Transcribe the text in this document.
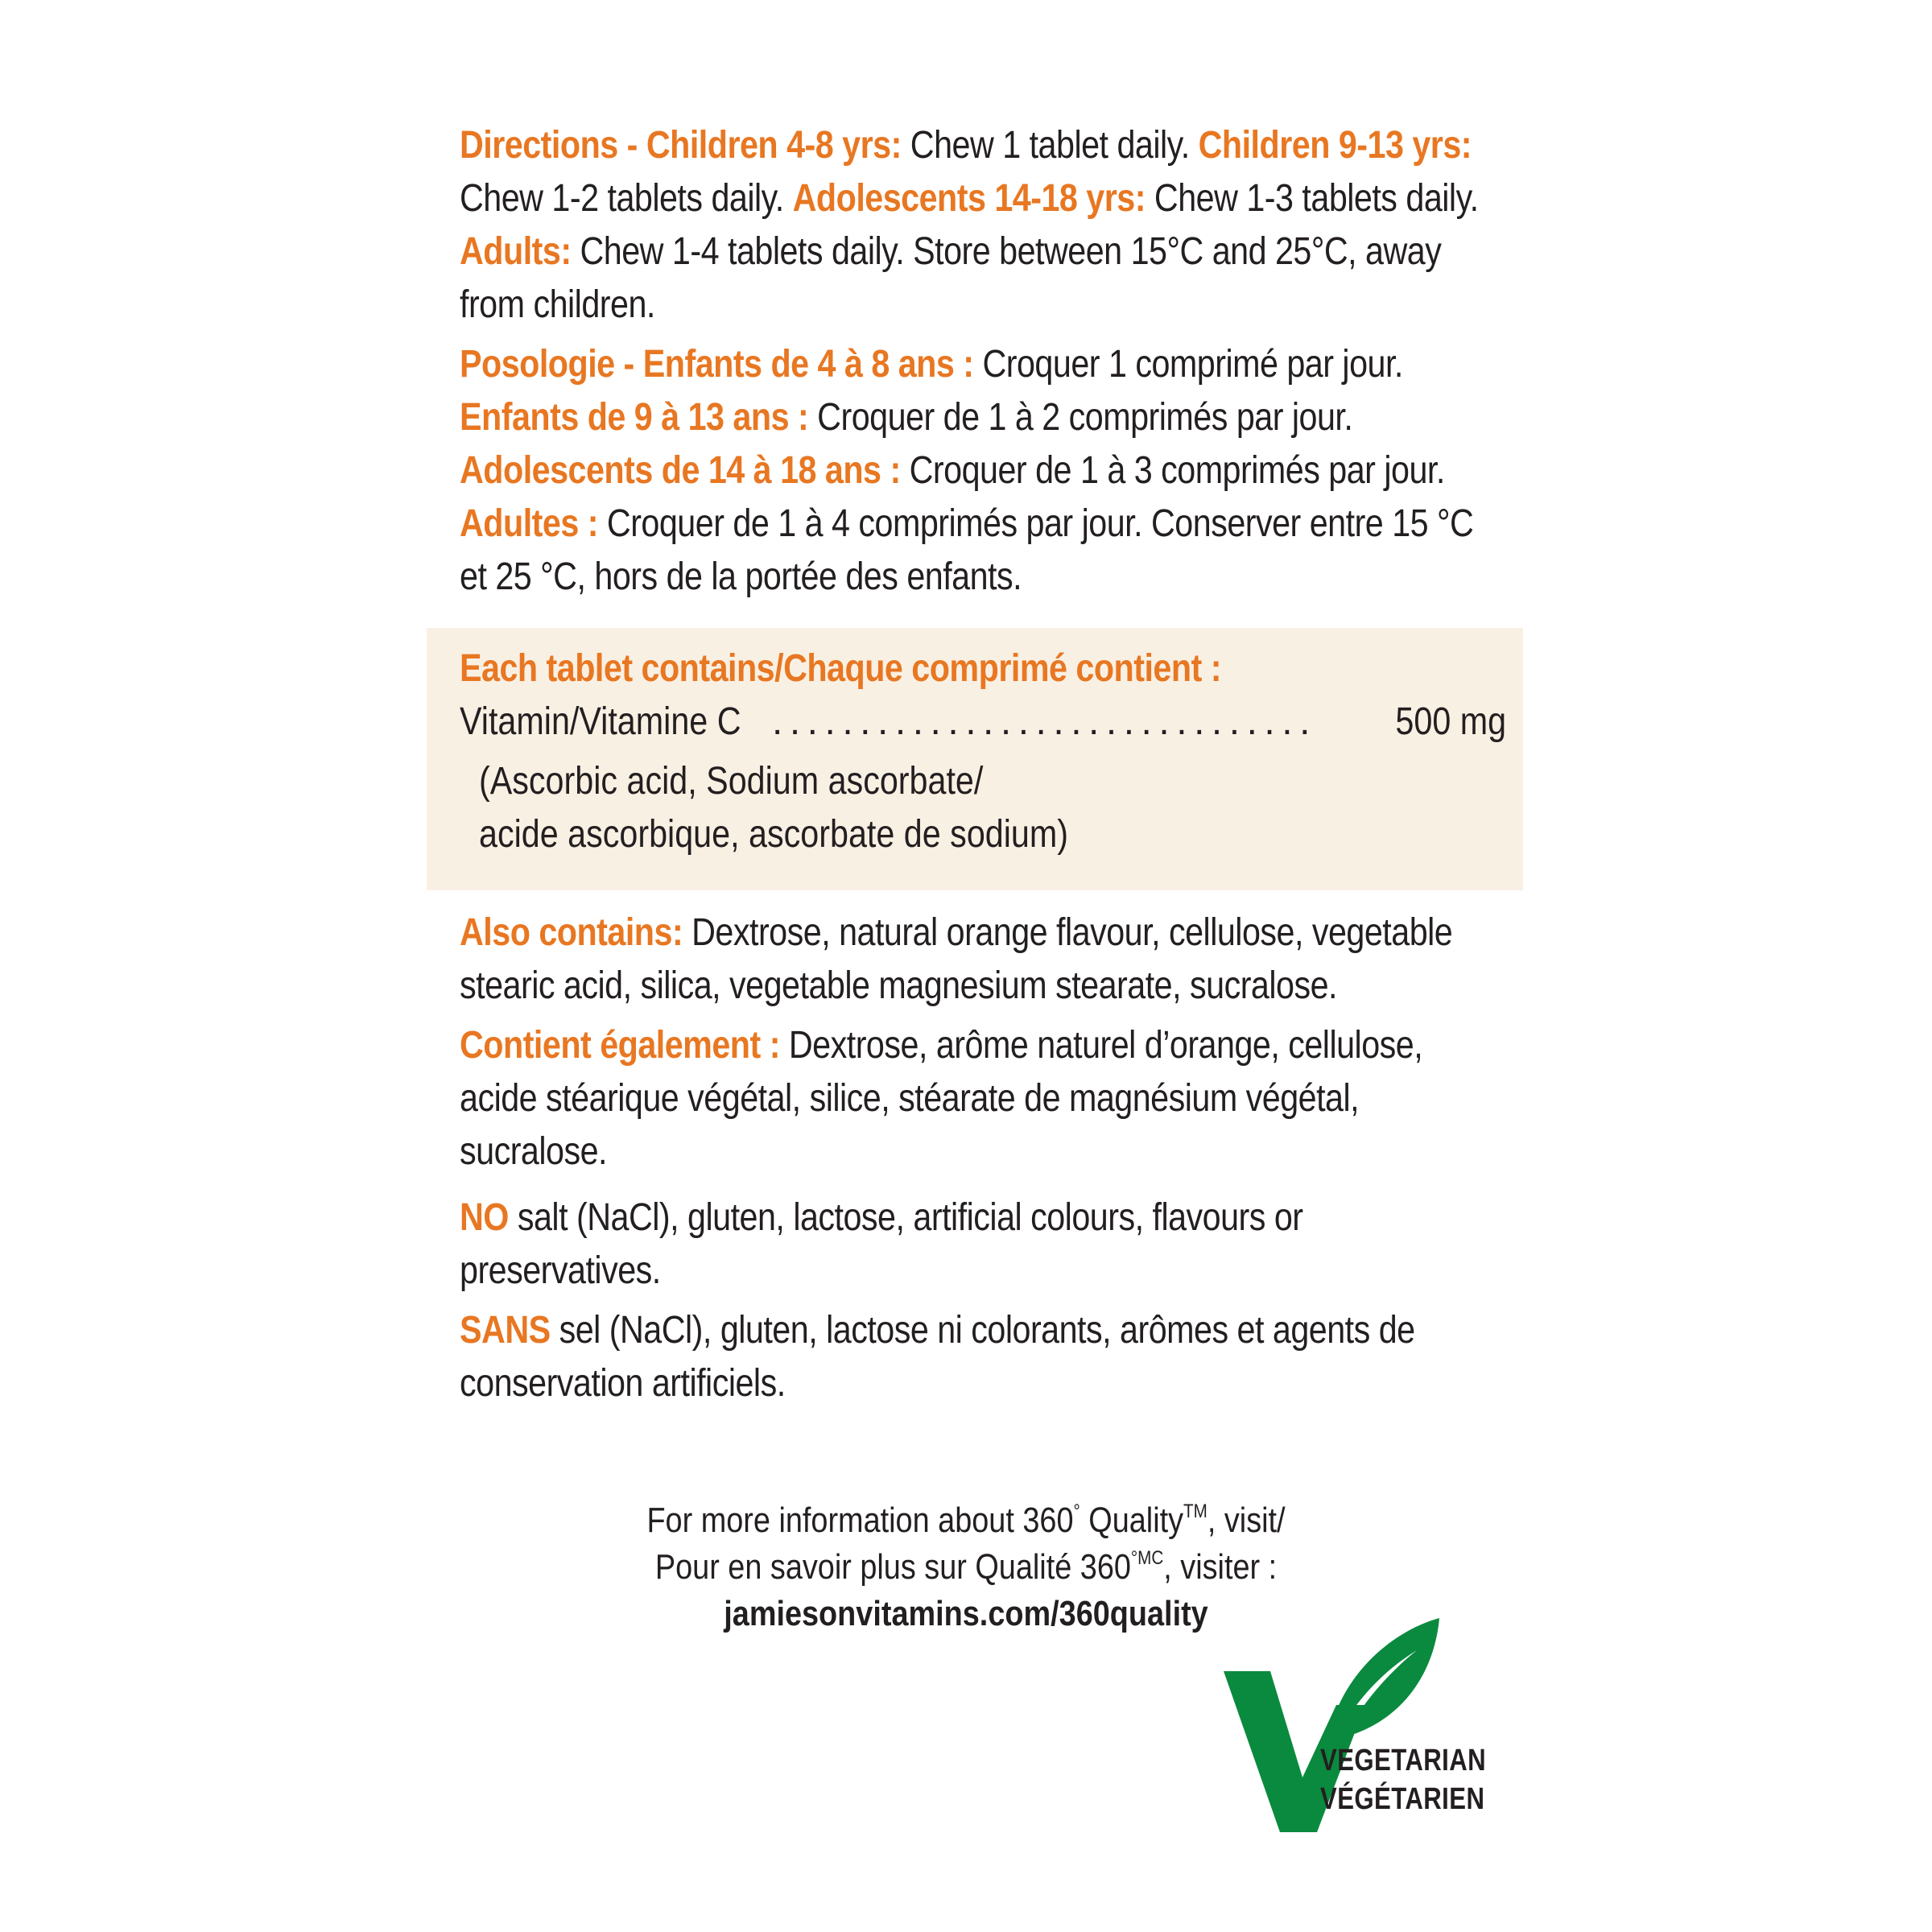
Directions - Children 4-8 yrs: Chew 1 tablet daily. Children 9-13 yrs: Chew 1-2 tablets daily. Adolescents 14-18 yrs: Chew 1-3 tablets daily. Adults: Chew 1-4 tablets daily. Store between 15°C and 25°C, away from children.

Posologie - Enfants de 4 à 8 ans : Croquer 1 comprimé par jour. Enfants de 9 à 13 ans : Croquer de 1 à 2 comprimés par jour. Adolescents de 14 à 18 ans : Croquer de 1 à 3 comprimés par jour. Adultes : Croquer de 1 à 4 comprimés par jour. Conserver entre 15 °C et 25 °C, hors de la portée des enfants.

Each tablet contains/Chaque comprimé contient :

Vitamin/Vitamine C ...............................	500 mg

(Ascorbic acid, Sodium ascorbate/

acide ascorbique, ascorbate de sodium)

Also contains: Dextrose, natural orange flavour, cellulose, vegetable stearic acid, silica, vegetable magnesium stearate, sucralose.

Contient également : Dextrose, arôme naturel d’orange, cellulose, acide stéarique végétal, silice, stéarate de magnésium végétal, sucralose.

NO salt (NaCl), gluten, lactose, artificial colours, flavours or preservatives.

SANS sel (NaCl), gluten, lactose ni colorants, arômes et agents de conservation artificiels.

For more information about 360° Quality™, visit/
Pour en savoir plus sur Qualité $360^{^\circ MC}$, visiter :
jamiesonvitamins.com/360quality
VEGETARIAN
VÉGÉTARIEN
